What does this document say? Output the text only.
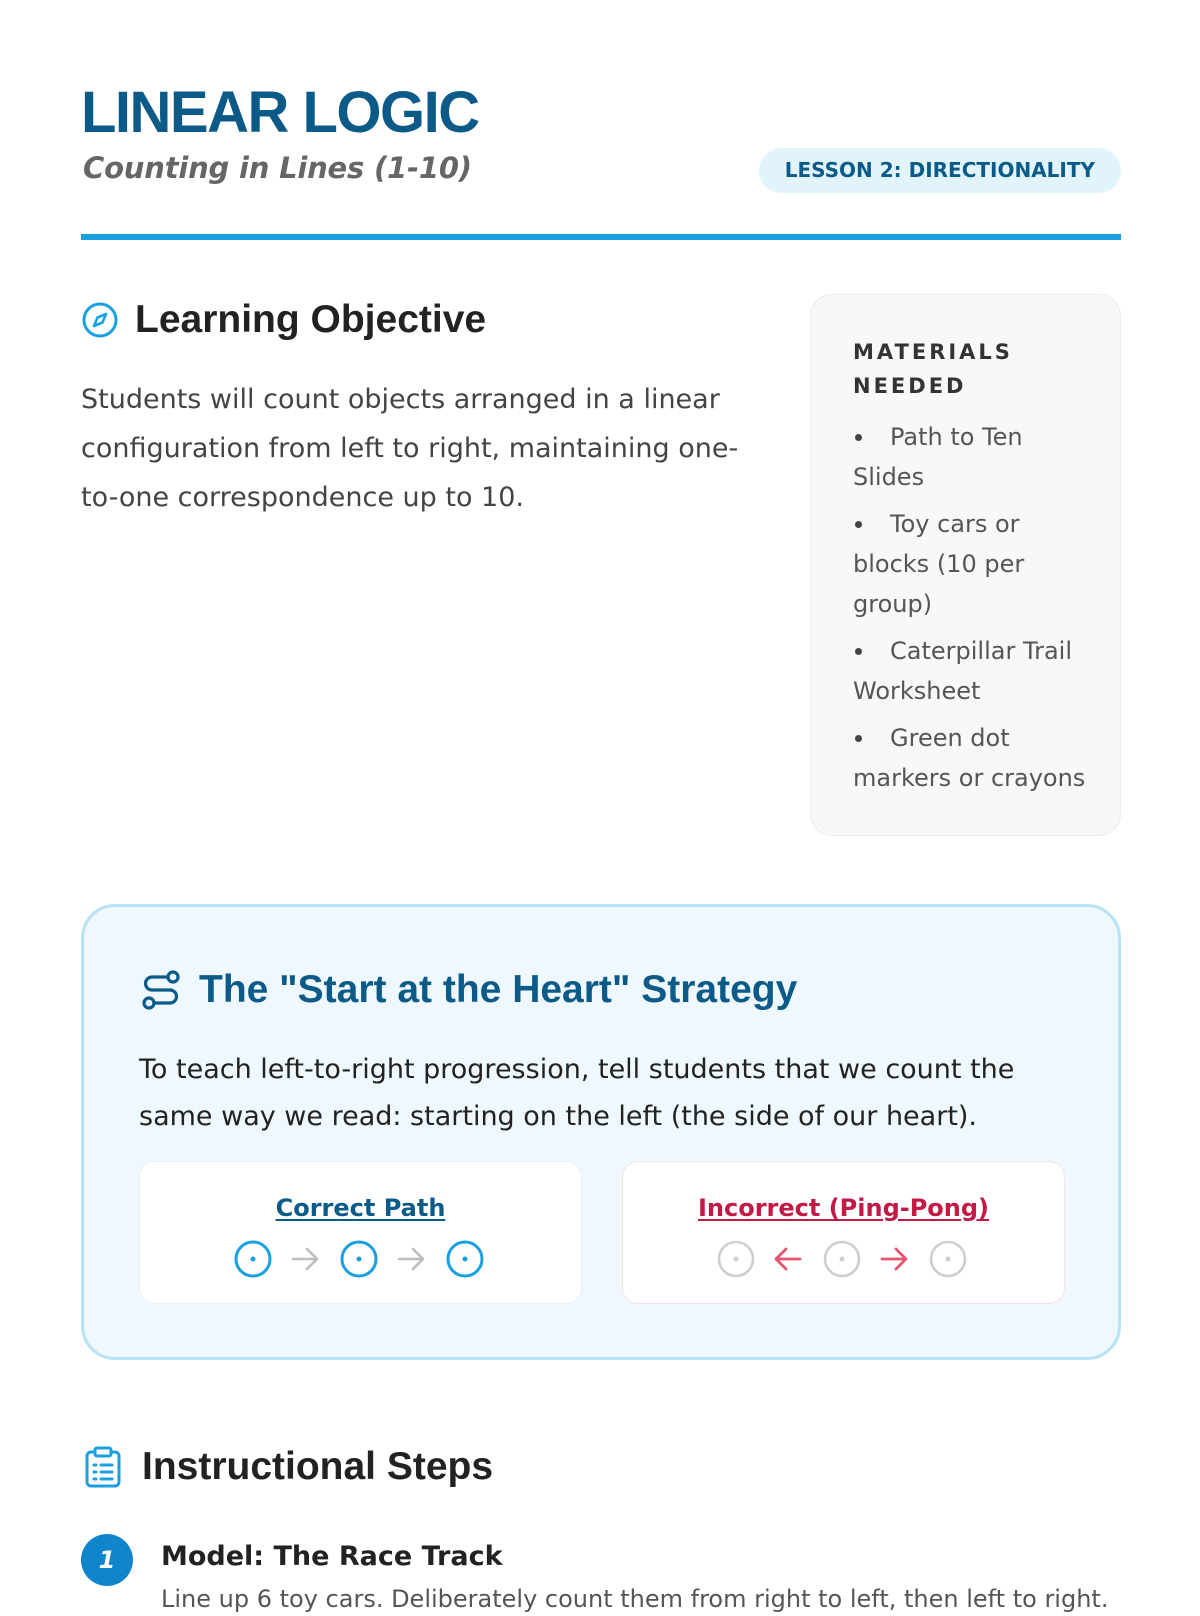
LINEAR LOGIC
Counting in Lines (1-10)	LESSON 2: DIRECTIONALITY
Learning Objective

Students will count objects arranged in a linear configuration from left to right, maintaining one-to-one correspondence up to 10.

MATERIALS NEEDED
Path to Ten Slides
Toy cars or blocks (10 per group)
Caterpillar Trail Worksheet
Green dot markers or crayons
The "Start at the Heart" Strategy

To teach left-to-right progression, tell students that we count the same way we read: starting on the left (the side of our heart).

Correct Path	Incorrect (Ping-Pong)
Instructional Steps
1	Model: The Race Track
Line up 6 toy cars. Deliberately count them from right to left, then left to right.
